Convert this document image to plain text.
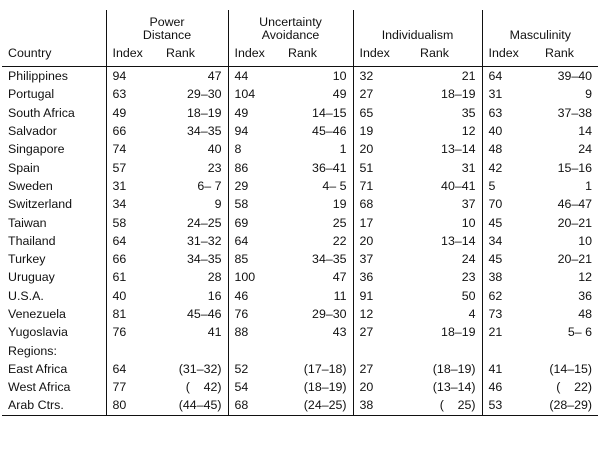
	Power
Distance		Uncertainty
Avoidance		Individualism		Masculinity	
Country	Index	Rank	Index	Rank	Index	Rank	Index	Rank
Philippines	94	47	44	10	32	21	64	39–40
Portugal	63	29–30	104	49	27	18–19	31	9
South Africa	49	18–19	49	14–15	65	35	63	37–38
Salvador	66	34–35	94	45–46	19	12	40	14
Singapore	74	40	8	1	20	13–14	48	24
Spain	57	23	86	36–41	51	31	42	15–16
Sweden	31	6– 7	29	4– 5	71	40–41	5	1
Switzerland	34	9	58	19	68	37	70	46–47
Taiwan	58	24–25	69	25	17	10	45	20–21
Thailand	64	31–32	64	22	20	13–14	34	10
Turkey	66	34–35	85	34–35	37	24	45	20–21
Uruguay	61	28	100	47	36	23	38	12
U.S.A.	40	16	46	11	91	50	62	36
Venezuela	81	45–46	76	29–30	12	4	73	48
Yugoslavia	76	41	88	43	27	18–19	21	5– 6
Regions:								
East Africa	64	(31–32)	52	(17–18)	27	(18–19)	41	(14–15)
West Africa	77	(    42)	54	(18–19)	20	(13–14)	46	(    22)
Arab Ctrs.	80	(44–45)	68	(24–25)	38	(    25)	53	(28–29)
